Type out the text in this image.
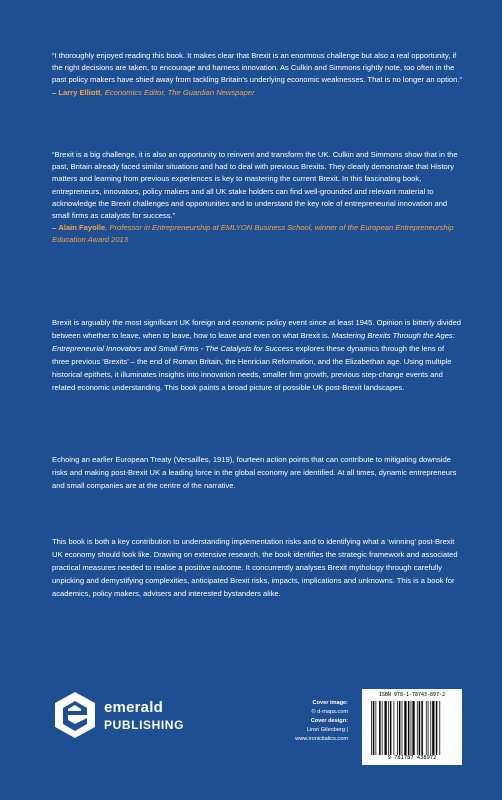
“I thoroughly enjoyed reading this book. It makes clear that Brexit is an enormous challenge but also a real opportunity, if the right decisions are taken, to encourage and harness innovation. As Culkin and Simmons rightly note, too often in the past policy makers have shied away from tackling Britain’s underlying economic weaknesses. That is no longer an option.”
– Larry Elliott, Economics Editor, The Guardian Newspaper
“Brexit is a big challenge, it is also an opportunity to reinvent and transform the UK. Culkin and Simmons show that in the past, Britain already faced similar situations and had to deal with previous Brexits. They clearly demonstrate that History matters and learning from previous experiences is key to mastering the current Brexit. In this fascinating book, entrepreneurs, innovators, policy makers and all UK stake holders can find well-grounded and relevant material to acknowledge the Brexit challenges and opportunities and to understand the key role of entrepreneurial innovation and small firms as catalysts for success.”
– Alain Fayolle, Professor in Entrepreneurship at EMLYON Business School, winner of the European Entrepreneurship Education Award 2013
Brexit is arguably the most significant UK foreign and economic policy event since at least 1945. Opinion is bitterly divided between whether to leave, when to leave, how to leave and even on what Brexit is. Mastering Brexits Through the Ages: Entrepreneurial Innovators and Small Firms - The Catalysts for Success explores these dynamics through the lens of three previous ‘Brexits’ – the end of Roman Britain, the Henrician Reformation, and the Elizabethan age. Using multiple historical epithets, it illuminates insights into innovation needs, smaller firm growth, previous step-change events and related economic understanding. This book paints a broad picture of possible UK post-Brexit landscapes.
Echoing an earlier European Treaty (Versailles, 1919), fourteen action points that can contribute to mitigating downside risks and making post-Brexit UK a leading force in the global economy are identified. At all times, dynamic entrepreneurs and small companies are at the centre of the narrative.
This book is both a key contribution to understanding implementation risks and to identifying what a ‘winning’ post-Brexit UK economy should look like. Drawing on extensive research, the book identifies the strategic framework and associated practical measures needed to realise a positive outcome. It concurrently analyses Brexit mythology through carefully unpicking and demystifying complexities, anticipated Brexit risks, impacts, implications and unknowns. This is a book for academics, policy makers, advisers and interested bystanders alike.
emerald
PUBLISHING
Cover image:
© d-maps.com
Cover design:
Liron Gilenberg | www.ironicitalics.com
ISBN 978-1-78743-897-2
9 781787 438972
